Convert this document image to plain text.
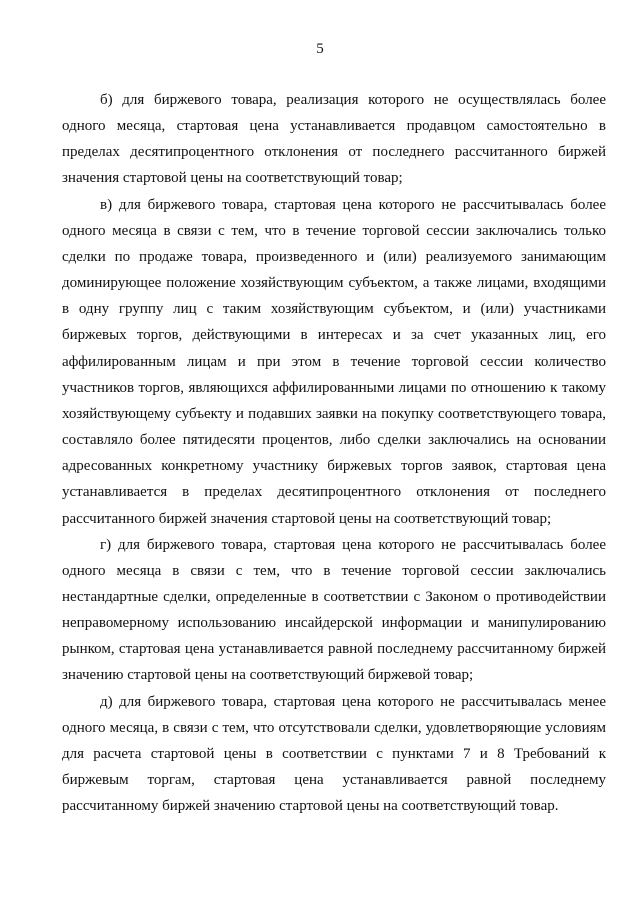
5

б) для биржевого товара, реализация которого не осуществлялась более одного месяца, стартовая цена устанавливается продавцом самостоятельно в пределах десятипроцентного отклонения от последнего рассчитанного биржей значения стартовой цены на соответствующий товар;

в) для биржевого товара, стартовая цена которого не рассчитывалась более одного месяца в связи с тем, что в течение торговой сессии заключались только сделки по продаже товара, произведенного и (или) реализуемого занимающим доминирующее положение хозяйствующим субъектом, а также лицами, входящими в одну группу лиц с таким хозяйствующим субъектом, и (или) участниками биржевых торгов, действующими в интересах и за счет указанных лиц, его аффилированным лицам и при этом в течение торговой сессии количество участников торгов, являющихся аффилированными лицами по отношению к такому хозяйствующему субъекту и подавших заявки на покупку соответствующего товара, составляло более пятидесяти процентов, либо сделки заключались на основании адресованных конкретному участнику биржевых торгов заявок, стартовая цена устанавливается в пределах десятипроцентного отклонения от последнего рассчитанного биржей значения стартовой цены на соответствующий товар;

г) для биржевого товара, стартовая цена которого не рассчитывалась более одного месяца в связи с тем, что в течение торговой сессии заключались нестандартные сделки, определенные в соответствии с Законом о противодействии неправомерному использованию инсайдерской информации и манипулированию рынком, стартовая цена устанавливается равной последнему рассчитанному биржей значению стартовой цены на соответствующий биржевой товар;

д) для биржевого товара, стартовая цена которого не рассчитывалась менее одного месяца, в связи с тем, что отсутствовали сделки, удовлетворяющие условиям для расчета стартовой цены в соответствии с пунктами 7 и 8 Требований к биржевым торгам, стартовая цена устанавливается равной последнему рассчитанному биржей значению стартовой цены на соответствующий товар.
